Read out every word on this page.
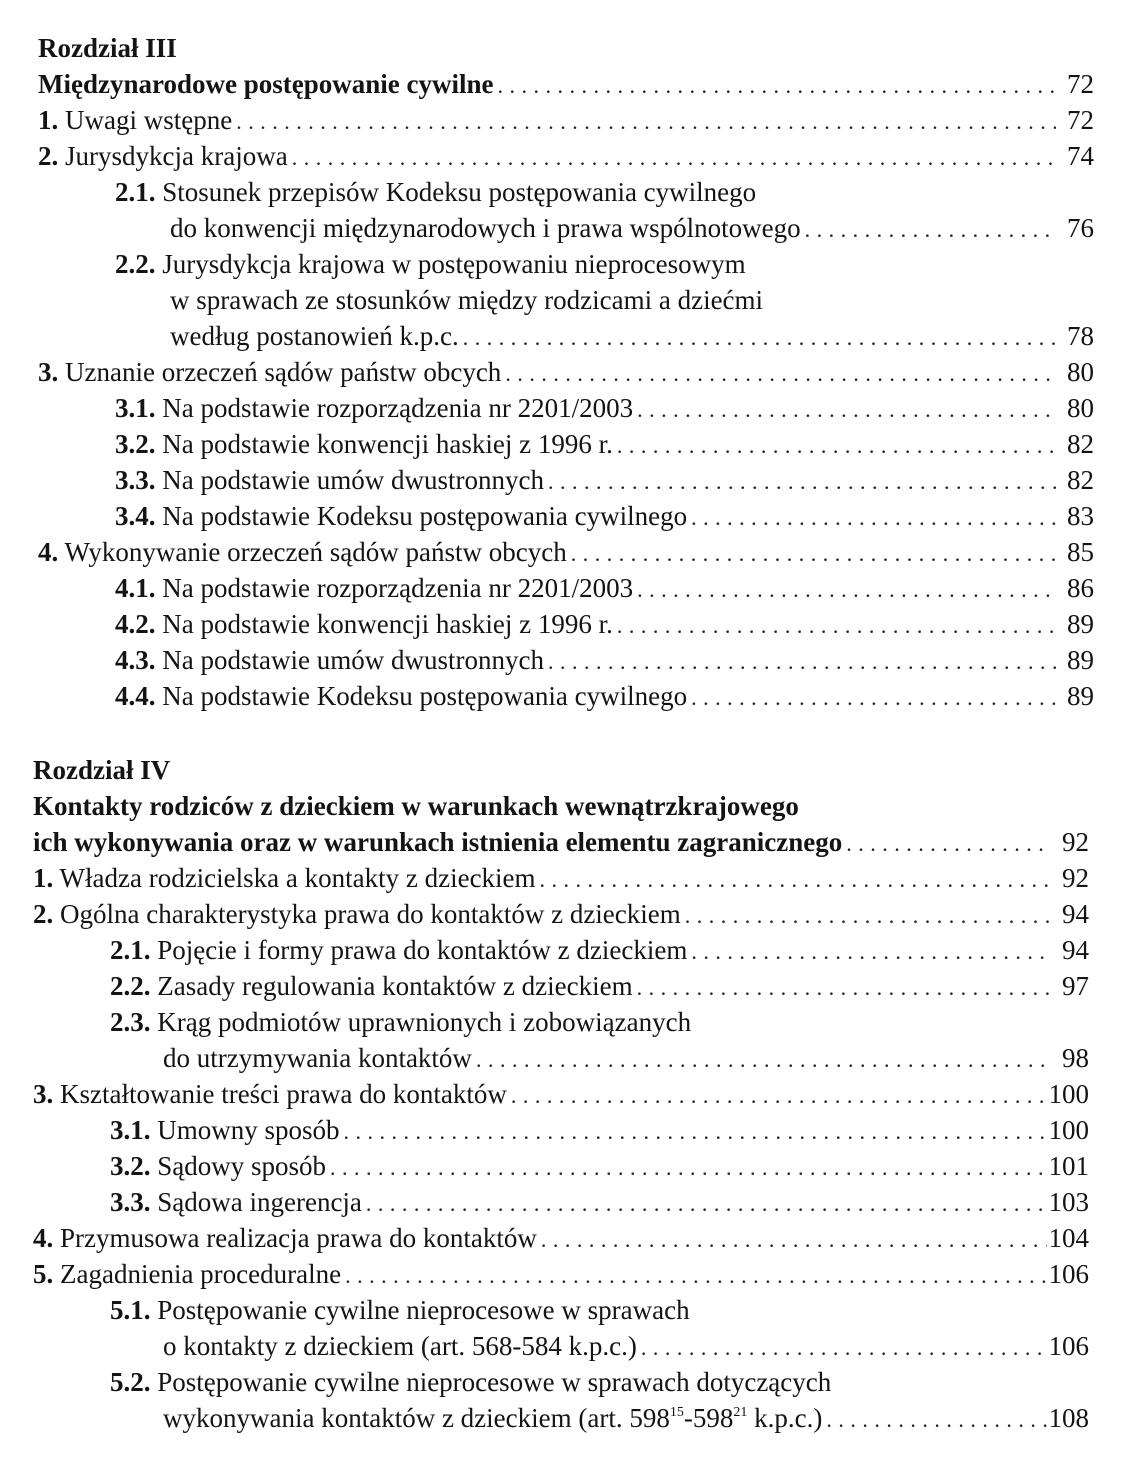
Rozdział III
Międzynarodowe postępowanie cywilne . . .	72
1. Uwagi wstępne . . .	72
2. Jurysdykcja krajowa . . .	74
2.1. Stosunek przepisów Kodeksu postępowania cywilnego
do konwencji międzynarodowych i prawa wspólnotowego . . .	76
2.2. Jurysdykcja krajowa w postępowaniu nieprocesowym
w sprawach ze stosunków między rodzicami a dziećmi
według postanowień k.p.c. . . .	78
3. Uznanie orzeczeń sądów państw obcych . . .	80
3.1. Na podstawie rozporządzenia nr 2201/2003 . . .	80
3.2. Na podstawie konwencji haskiej z 1996 r. . . .	82
3.3. Na podstawie umów dwustronnych . . .	82
3.4. Na podstawie Kodeksu postępowania cywilnego . . .	83
4. Wykonywanie orzeczeń sądów państw obcych . . .	85
4.1. Na podstawie rozporządzenia nr 2201/2003 . . .	86
4.2. Na podstawie konwencji haskiej z 1996 r. . . .	89
4.3. Na podstawie umów dwustronnych . . .	89
4.4. Na podstawie Kodeksu postępowania cywilnego . . .	89
Rozdział IV
Kontakty rodziców z dzieckiem w warunkach wewnątrzkrajowego
ich wykonywania oraz w warunkach istnienia elementu zagranicznego . . .	92
1. Władza rodzicielska a kontakty z dzieckiem . . .	92
2. Ogólna charakterystyka prawa do kontaktów z dzieckiem . . .	94
2.1. Pojęcie i formy prawa do kontaktów z dzieckiem . . .	94
2.2. Zasady regulowania kontaktów z dzieckiem . . .	97
2.3. Krąg podmiotów uprawnionych i zobowiązanych
do utrzymywania kontaktów . . .	98
3. Kształtowanie treści prawa do kontaktów . . .	100
3.1. Umowny sposób . . .	100
3.2. Sądowy sposób . . .	101
3.3. Sądowa ingerencja . . .	103
4. Przymusowa realizacja prawa do kontaktów . . .	104
5. Zagadnienia proceduralne . . .	106
5.1. Postępowanie cywilne nieprocesowe w sprawach
o kontakty z dzieckiem (art. 568-584 k.p.c.) . . .	106
5.2. Postępowanie cywilne nieprocesowe w sprawach dotyczących
wykonywania kontaktów z dzieckiem (art. $598^{15}-598^{21}$ k.p.c.) . . .	108
